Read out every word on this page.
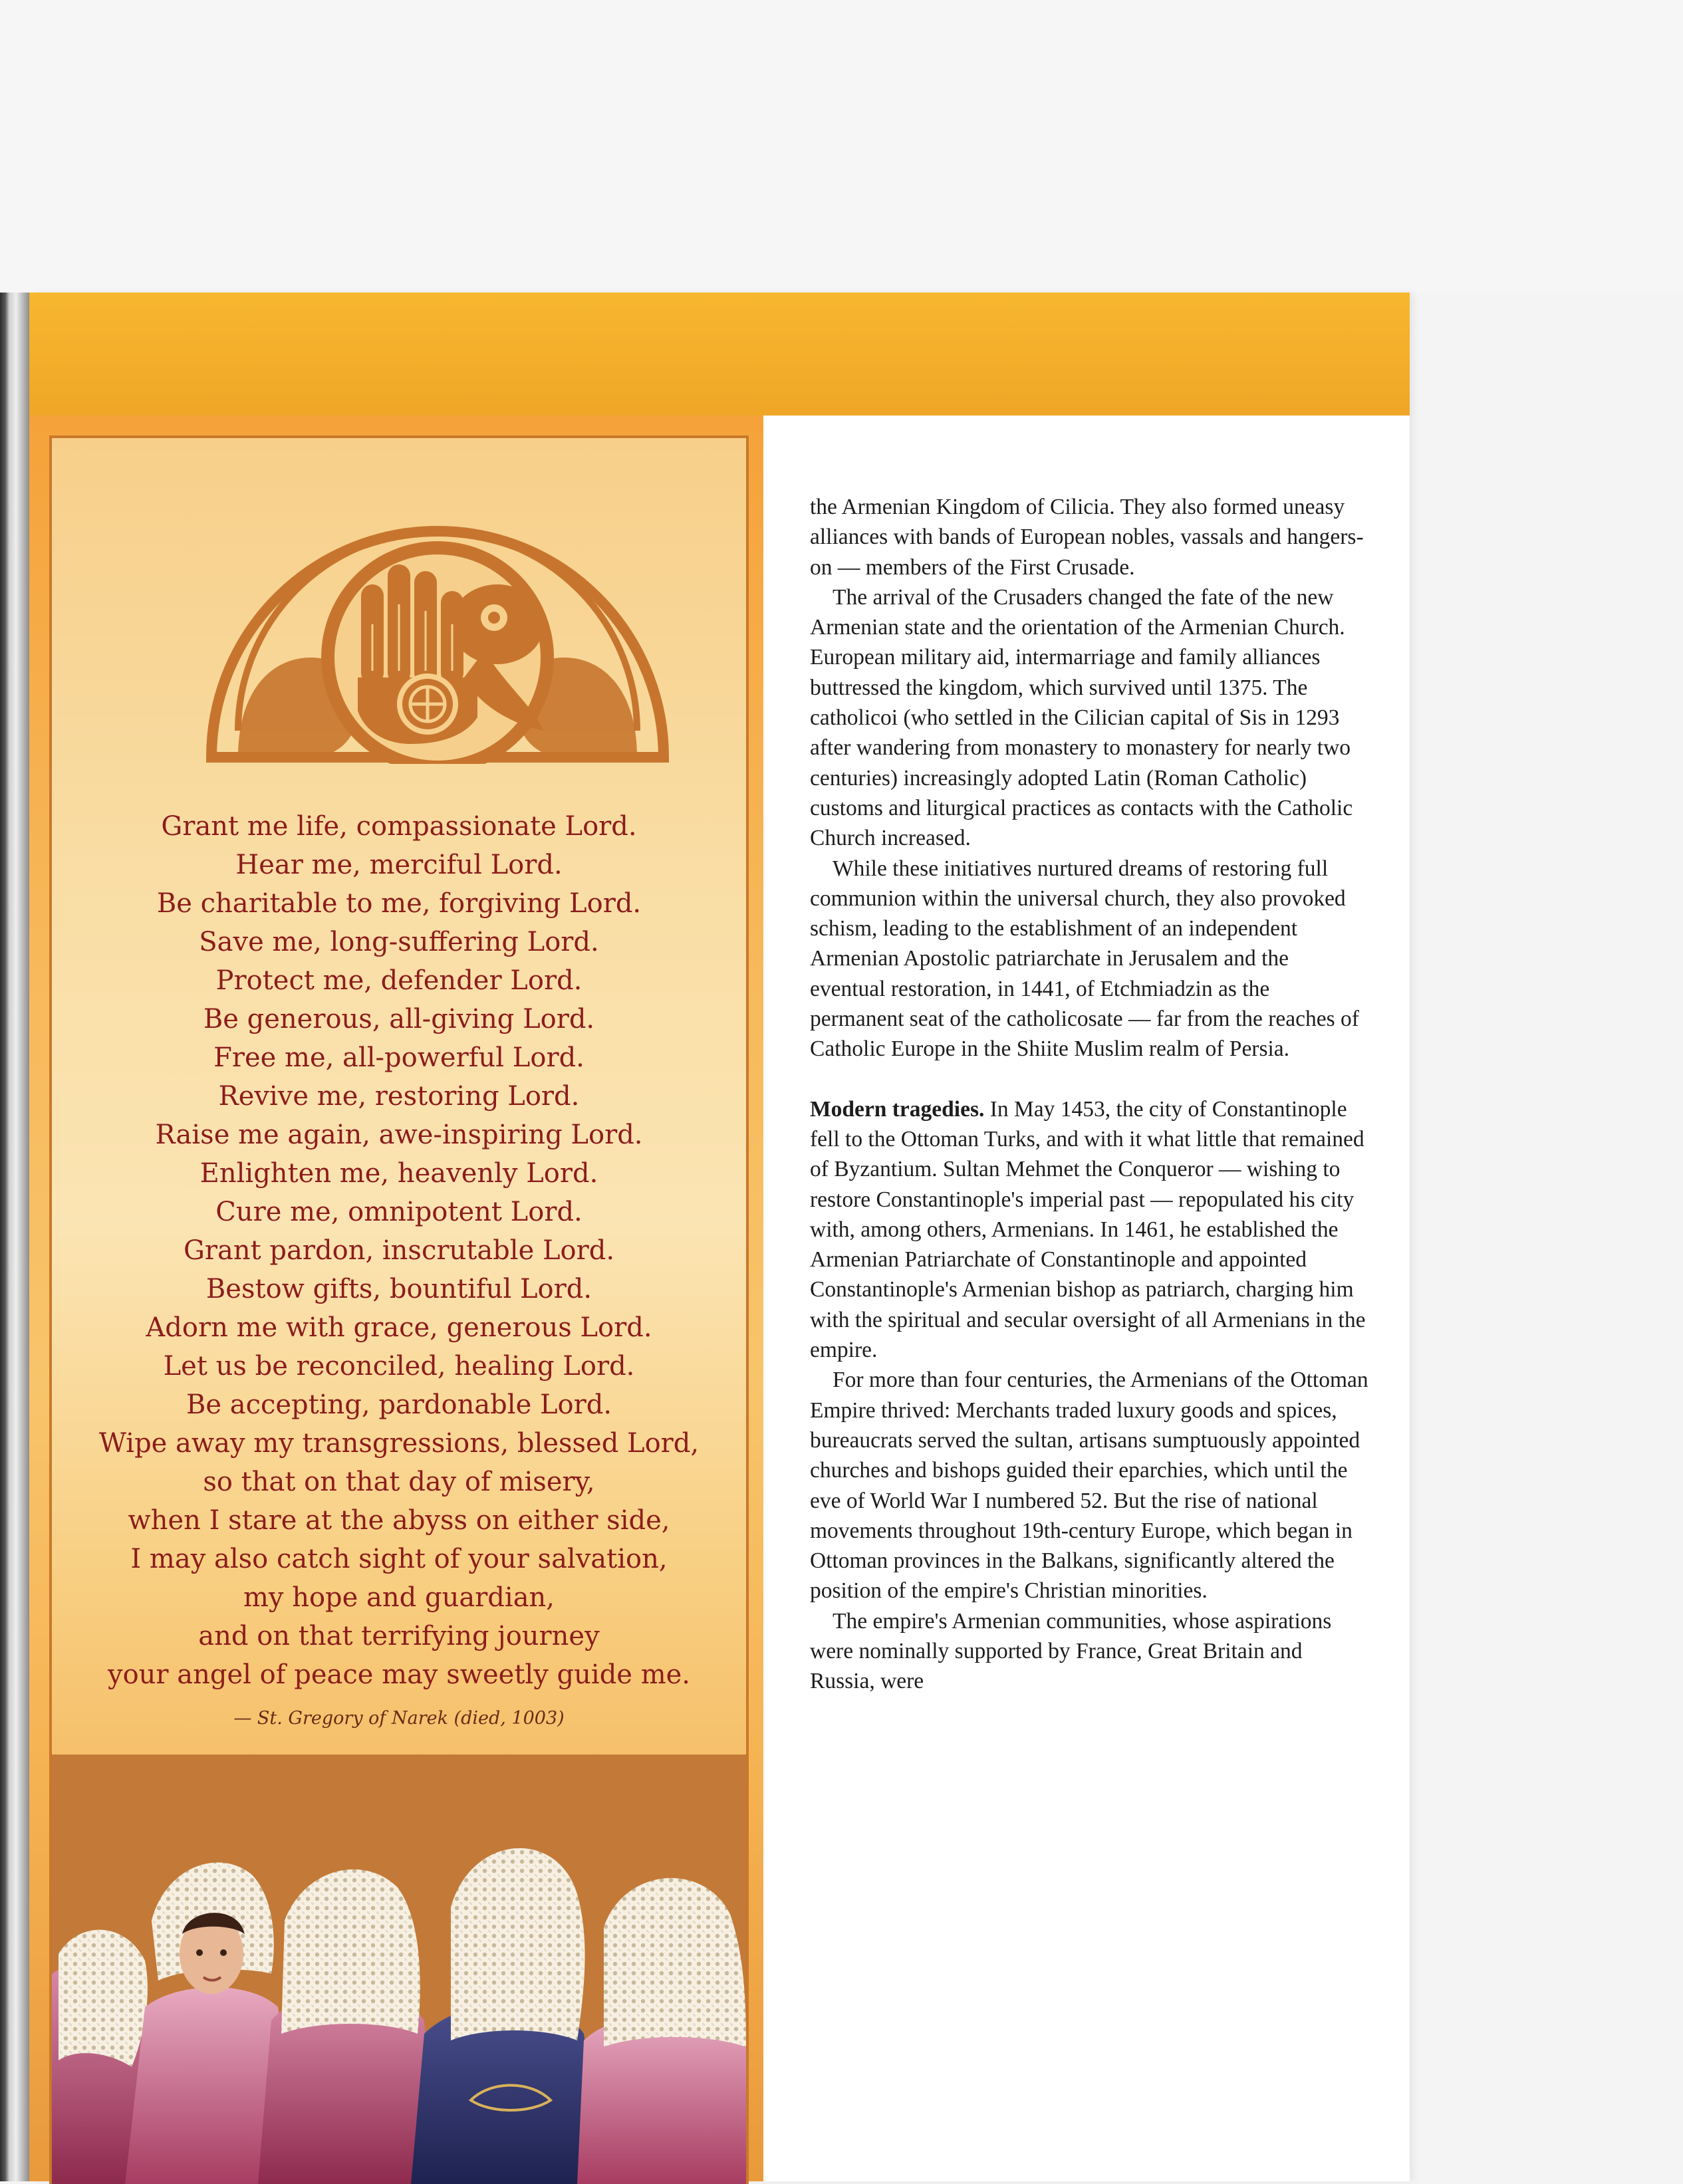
Grant me life, compassionate Lord.
Hear me, merciful Lord.
Be charitable to me, forgiving Lord.
Save me, long-suffering Lord.
Protect me, defender Lord.
Be generous, all-giving Lord.
Free me, all-powerful Lord.
Revive me, restoring Lord.
Raise me again, awe-inspiring Lord.
Enlighten me, heavenly Lord.
Cure me, omnipotent Lord.
Grant pardon, inscrutable Lord.
Bestow gifts, bountiful Lord.
Adorn me with grace, generous Lord.
Let us be reconciled, healing Lord.
Be accepting, pardonable Lord.
Wipe away my transgressions, blessed Lord,
so that on that day of misery,
when I stare at the abyss on either side,
I may also catch sight of your salvation,
my hope and guardian,
and on that terrifying journey
your angel of peace may sweetly guide me.
— St. Gregory of Narek (died, 1003)

the Armenian Kingdom of Cilicia. They also formed uneasy alliances with bands of European nobles, vassals and hangers-on — members of the First Crusade.

The arrival of the Crusaders changed the fate of the new Armenian state and the orientation of the Armenian Church. European military aid, intermarriage and family alliances buttressed the kingdom, which survived until 1375. The catholicoi (who settled in the Cilician capital of Sis in 1293 after wandering from monastery to monastery for nearly two centuries) increasingly adopted Latin (Roman Catholic) customs and liturgical practices as contacts with the Catholic Church increased.

While these initiatives nurtured dreams of restoring full communion within the universal church, they also provoked schism, leading to the establishment of an independent Armenian Apostolic patriarchate in Jerusalem and the eventual restoration, in 1441, of Etchmiadzin as the permanent seat of the catholicosate — far from the reaches of Catholic Europe in the Shiite Muslim realm of Persia.

Modern tragedies. In May 1453, the city of Constantinople fell to the Ottoman Turks, and with it what little that remained of Byzantium. Sultan Mehmet the Conqueror — wishing to restore Constantinople's imperial past — repopulated his city with, among others, Armenians. In 1461, he established the Armenian Patriarchate of Constantinople and appointed Constantinople's Armenian bishop as patriarch, charging him with the spiritual and secular oversight of all Armenians in the empire.

For more than four centuries, the Armenians of the Ottoman Empire thrived: Merchants traded luxury goods and spices, bureaucrats served the sultan, artisans sumptuously appointed churches and bishops guided their eparchies, which until the eve of World War I numbered 52. But the rise of national movements throughout 19th-century Europe, which began in Ottoman provinces in the Balkans, significantly altered the position of the empire's Christian minorities.

The empire's Armenian communities, whose aspirations were nominally supported by France, Great Britain and Russia, were
